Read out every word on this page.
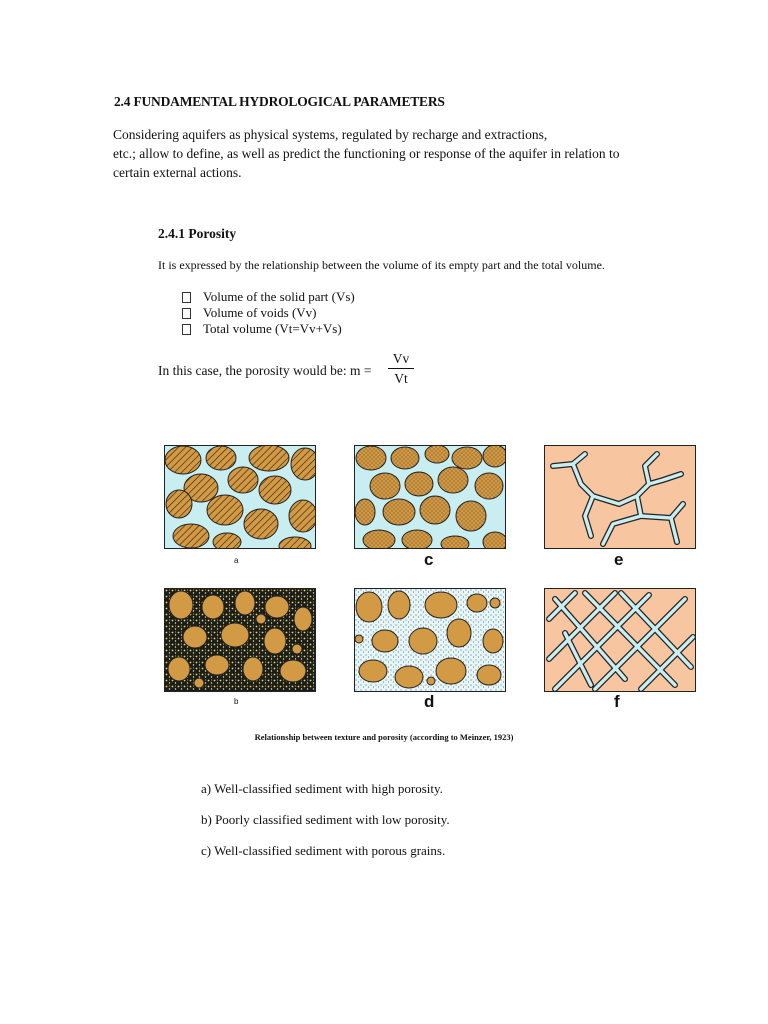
2.4 FUNDAMENTAL HYDROLOGICAL PARAMETERS
Considering aquifers as physical systems, regulated by recharge and extractions,
etc.; allow to define, as well as predict the functioning or response of the aquifer in relation to
certain external actions.
2.4.1 Porosity
It is expressed by the relationship between the volume of its empty part and the total volume.
Volume of the solid part (Vs)
Volume of voids (Vv)
Total volume (Vt=Vv+Vs)
In this case, the porosity would be: m =
Vv
Vt
a	c	e
b	d	f
Relationship between texture and porosity (according to Meinzer, 1923)
a) Well-classified sediment with high porosity.
b) Poorly classified sediment with low porosity.
c) Well-classified sediment with porous grains.
